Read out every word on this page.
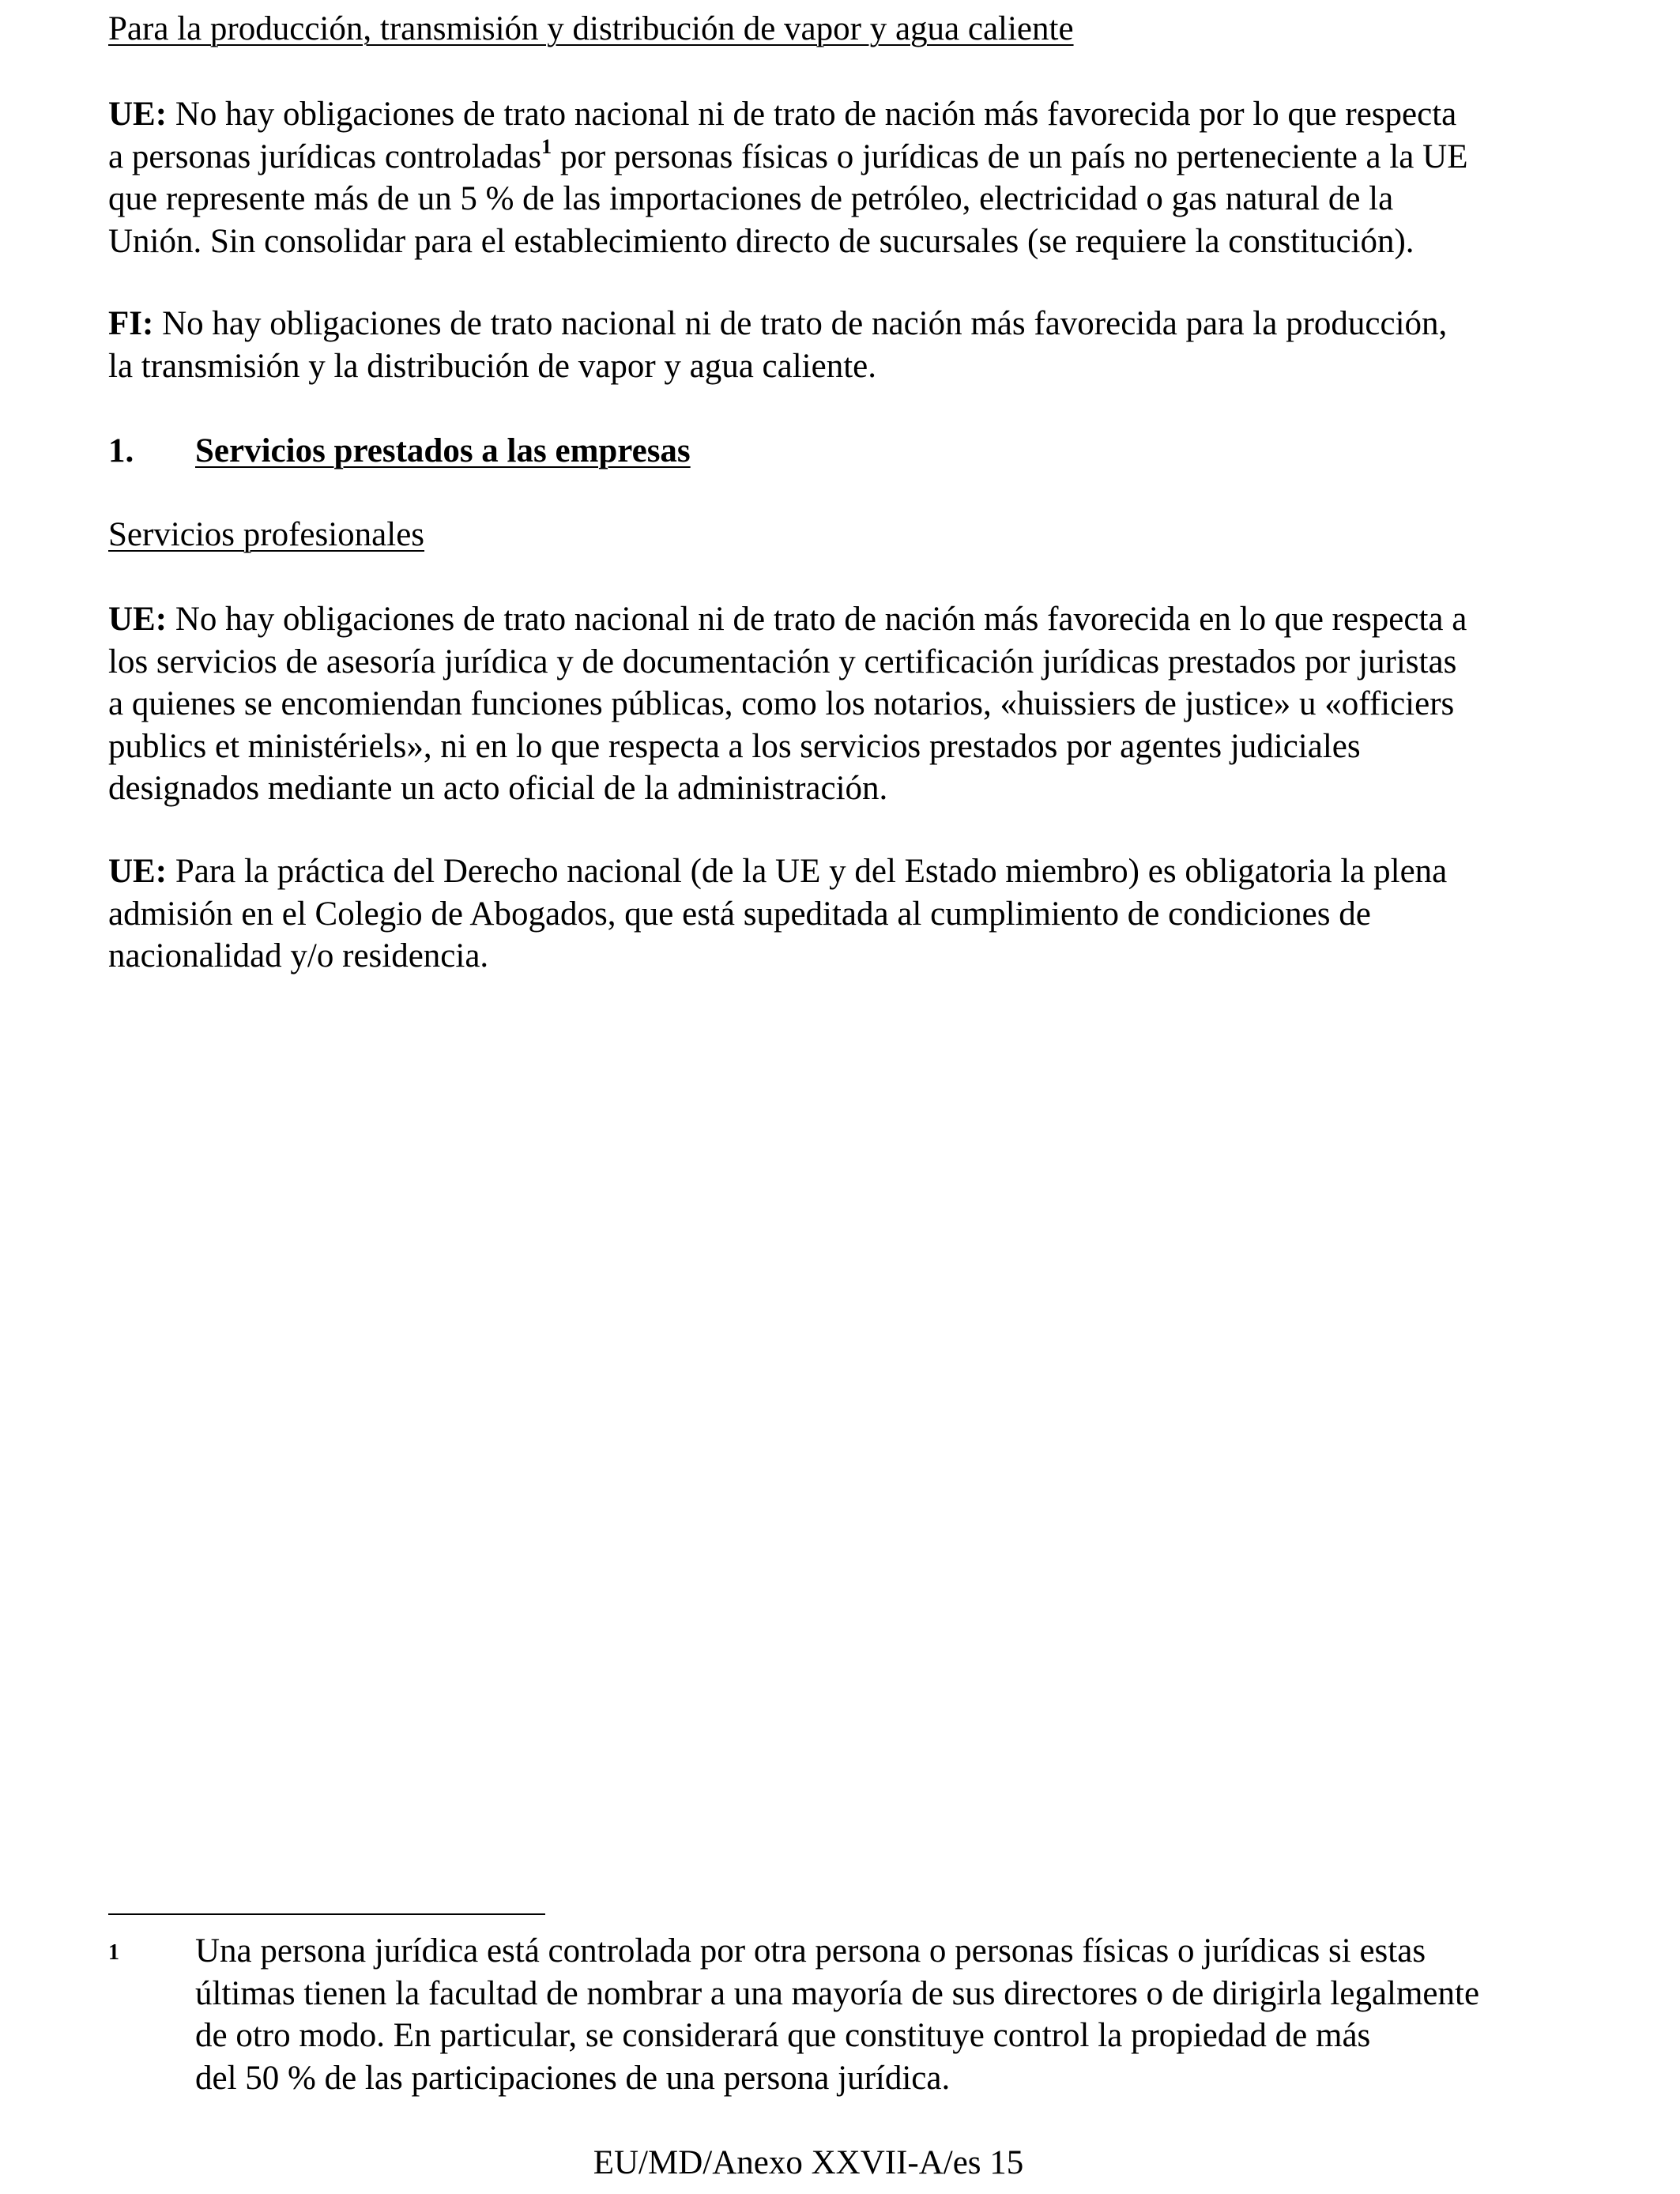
Para la producción, transmisión y distribución de vapor y agua caliente
UE: No hay obligaciones de trato nacional ni de trato de nación más favorecida por lo que respecta
a personas jurídicas controladas$^1$ por personas físicas o jurídicas de un país no perteneciente a la UE
que represente más de un 5 % de las importaciones de petróleo, electricidad o gas natural de la
Unión. Sin consolidar para el establecimiento directo de sucursales (se requiere la constitución).
FI: No hay obligaciones de trato nacional ni de trato de nación más favorecida para la producción,
la transmisión y la distribución de vapor y agua caliente.
1. Servicios prestados a las empresas
Servicios profesionales
UE: No hay obligaciones de trato nacional ni de trato de nación más favorecida en lo que respecta a
los servicios de asesoría jurídica y de documentación y certificación jurídicas prestados por juristas
a quienes se encomiendan funciones públicas, como los notarios, «huissiers de justice» u «officiers
publics et ministériels», ni en lo que respecta a los servicios prestados por agentes judiciales
designados mediante un acto oficial de la administración.
UE: Para la práctica del Derecho nacional (de la UE y del Estado miembro) es obligatoria la plena
admisión en el Colegio de Abogados, que está supeditada al cumplimiento de condiciones de
nacionalidad y/o residencia.
1 Una persona jurídica está controlada por otra persona o personas físicas o jurídicas si estas
últimas tienen la facultad de nombrar a una mayoría de sus directores o de dirigirla legalmente
de otro modo. En particular, se considerará que constituye control la propiedad de más
del 50 % de las participaciones de una persona jurídica.
EU/MD/Anexo XXVII-A/es 15
